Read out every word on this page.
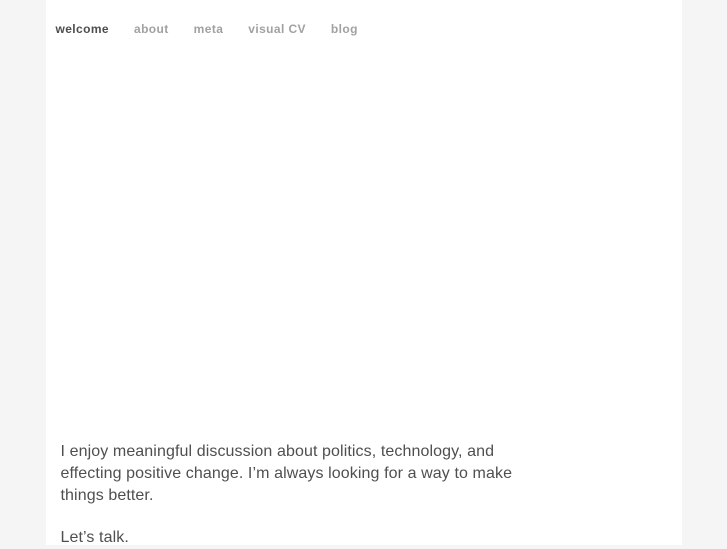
welcome about meta visual CV blog
I enjoy meaningful discussion about politics, technology, and
effecting positive change. I’m always looking for a way to make
things better.
Let’s talk.
